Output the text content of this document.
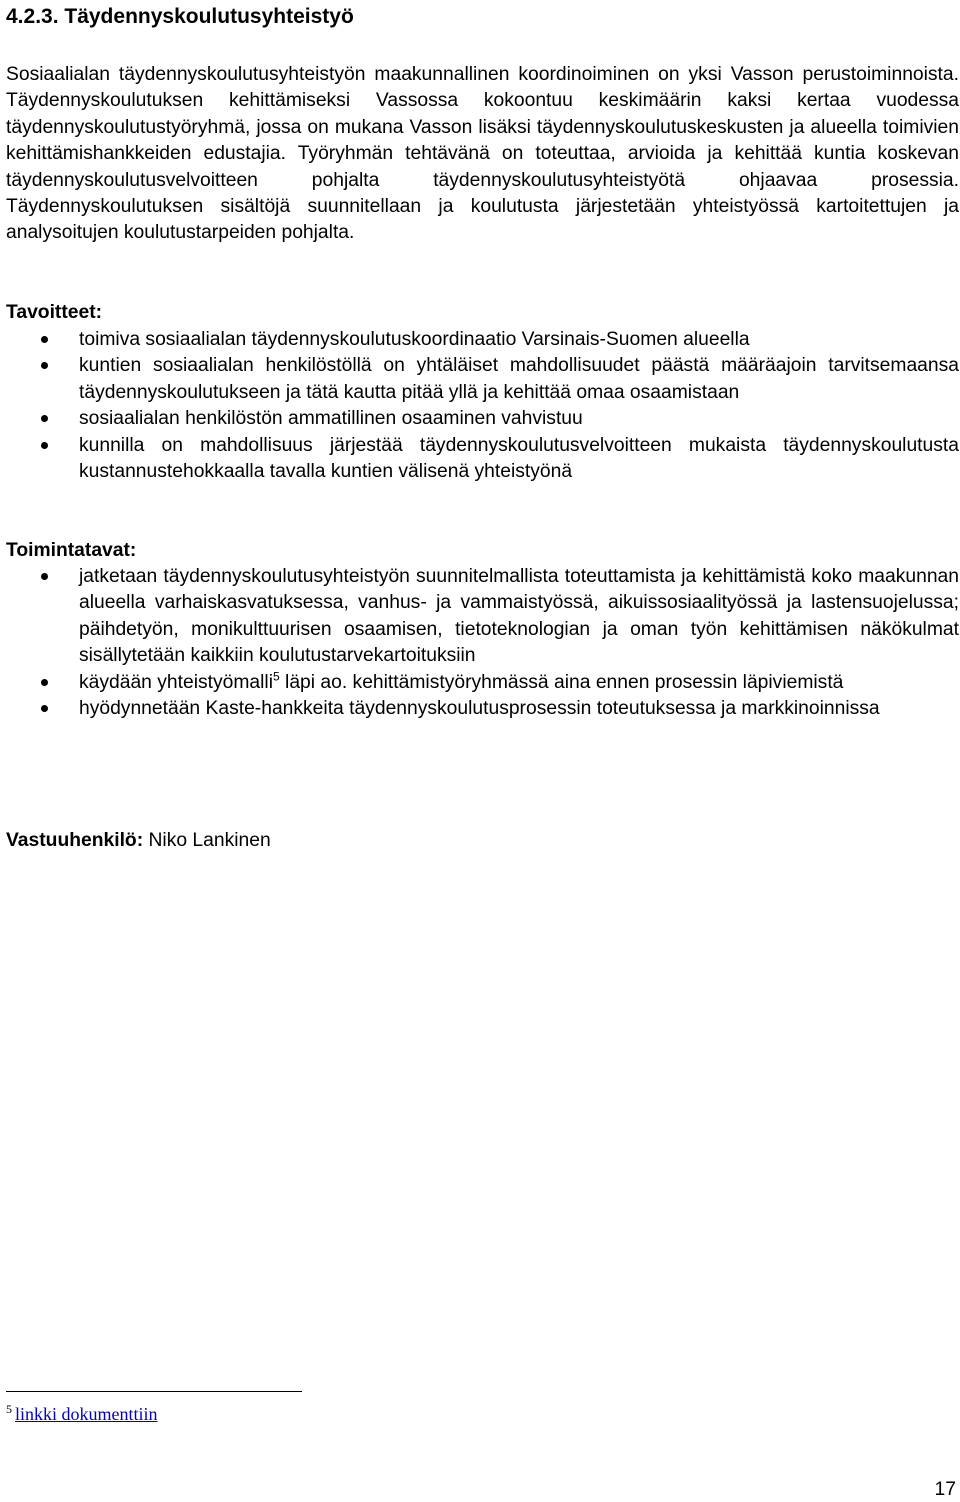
4.2.3. Täydennyskoulutusyhteistyö

Sosiaalialan täydennyskoulutusyhteistyön maakunnallinen koordinoiminen on yksi Vasson perustoiminnoista. Täydennyskoulutuksen kehittämiseksi Vassossa kokoontuu keskimäärin kaksi kertaa vuodessa täydennyskoulutustyöryhmä, jossa on mukana Vasson lisäksi täydennyskoulutuskeskusten ja alueella toimivien kehittämishankkeiden edustajia. Työryhmän tehtävänä on toteuttaa, arvioida ja kehittää kuntia koskevan täydennyskoulutusvelvoitteen pohjalta täydennyskoulutusyhteistyötä ohjaavaa prosessia. Täydennyskoulutuksen sisältöjä suunnitellaan ja koulutusta järjestetään yhteistyössä kartoitettujen ja analysoitujen koulutustarpeiden pohjalta.

Tavoitteet:
toimiva sosiaalialan täydennyskoulutuskoordinaatio Varsinais-Suomen alueella
kuntien sosiaalialan henkilöstöllä on yhtäläiset mahdollisuudet päästä määräajoin tarvitsemaansa täydennyskoulutukseen ja tätä kautta pitää yllä ja kehittää omaa osaamistaan
sosiaalialan henkilöstön ammatillinen osaaminen vahvistuu
kunnilla on mahdollisuus järjestää täydennyskoulutusvelvoitteen mukaista täydennyskoulutusta kustannustehokkaalla tavalla kuntien välisenä yhteistyönä
Toimintatavat:
jatketaan täydennyskoulutusyhteistyön suunnitelmallista toteuttamista ja kehittämistä koko maakunnan alueella varhaiskasvatuksessa, vanhus- ja vammaistyössä, aikuissosiaalityössä ja lastensuojelussa; päihdetyön, monikulttuurisen osaamisen, tietoteknologian ja oman työn kehittämisen näkökulmat sisällytetään kaikkiin koulutustarvekartoituksiin
käydään yhteistyömalli$^5$ läpi ao. kehittämistyöryhmässä aina ennen prosessin läpiviemistä
hyödynnetään Kaste-hankkeita täydennyskoulutusprosessin toteutuksessa ja markkinoinnissa

Vastuuhenkilö: Niko Lankinen

$^5$ linkki dokumenttiin
17
